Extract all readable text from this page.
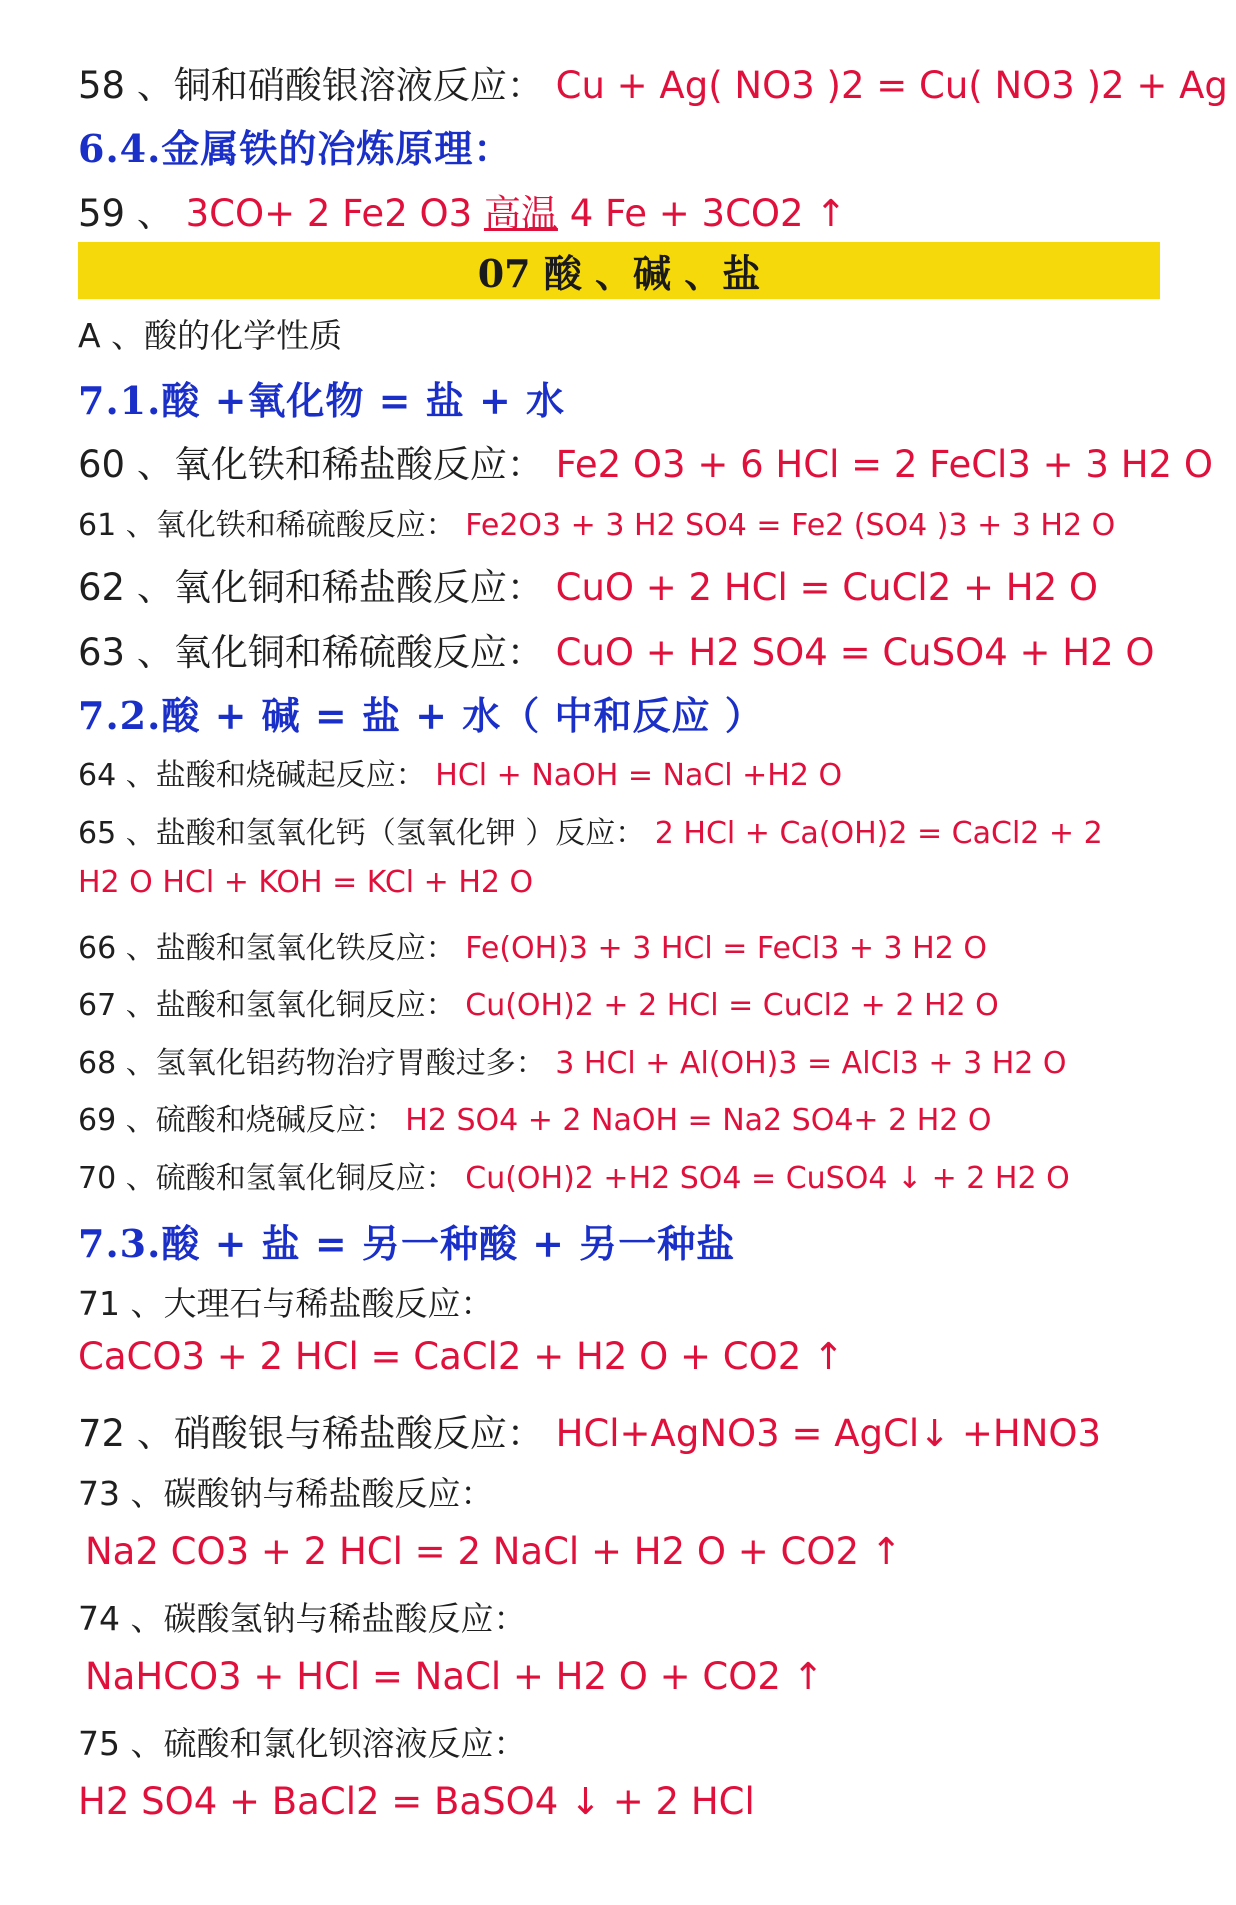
58 、铜和硝酸银溶液反应： Cu + Ag( NO3 )2 = Cu( NO3 )2 + Ag
6.4.金属铁的冶炼原理：
59 、 3CO+ 2 Fe2 O3 高温 4 Fe + 3CO2 ↑
07 酸 、碱 、盐
A 、酸的化学性质
7.1.酸 +氧化物 = 盐 + 水
60 、氧化铁和稀盐酸反应： Fe2 O3 + 6 HCl = 2 FeCl3 + 3 H2 O
61 、氧化铁和稀硫酸反应： Fe2O3 + 3 H2 SO4 = Fe2 (SO4 )3 + 3 H2 O
62 、氧化铜和稀盐酸反应： CuO + 2 HCl = CuCl2 + H2 O
63 、氧化铜和稀硫酸反应： CuO + H2 SO4 = CuSO4 + H2 O
7.2.酸 + 碱 = 盐 + 水（ 中和反应 ）
64 、盐酸和烧碱起反应： HCl + NaOH = NaCl +H2 O
65 、盐酸和氢氧化钙（氢氧化钾 ）反应： 2 HCl + Ca(OH)2 = CaCl2 + 2
H2 O HCl + KOH = KCl + H2 O
66 、盐酸和氢氧化铁反应： Fe(OH)3 + 3 HCl = FeCl3 + 3 H2 O
67 、盐酸和氢氧化铜反应： Cu(OH)2 + 2 HCl = CuCl2 + 2 H2 O
68 、氢氧化铝药物治疗胃酸过多： 3 HCl + Al(OH)3 = AlCl3 + 3 H2 O
69 、硫酸和烧碱反应： H2 SO4 + 2 NaOH = Na2 SO4+ 2 H2 O
70 、硫酸和氢氧化铜反应： Cu(OH)2 +H2 SO4 = CuSO4 ↓ + 2 H2 O
7.3.酸 + 盐 = 另一种酸 + 另一种盐
71 、大理石与稀盐酸反应：
CaCO3 + 2 HCl = CaCl2 + H2 O + CO2 ↑
72 、硝酸银与稀盐酸反应： HCl+AgNO3 = AgCl↓ +HNO3
73 、碳酸钠与稀盐酸反应：
Na2 CO3 + 2 HCl = 2 NaCl + H2 O + CO2 ↑
74 、碳酸氢钠与稀盐酸反应：
NaHCO3 + HCl = NaCl + H2 O + CO2 ↑
75 、硫酸和氯化钡溶液反应：
H2 SO4 + BaCl2 = BaSO4 ↓ + 2 HCl
